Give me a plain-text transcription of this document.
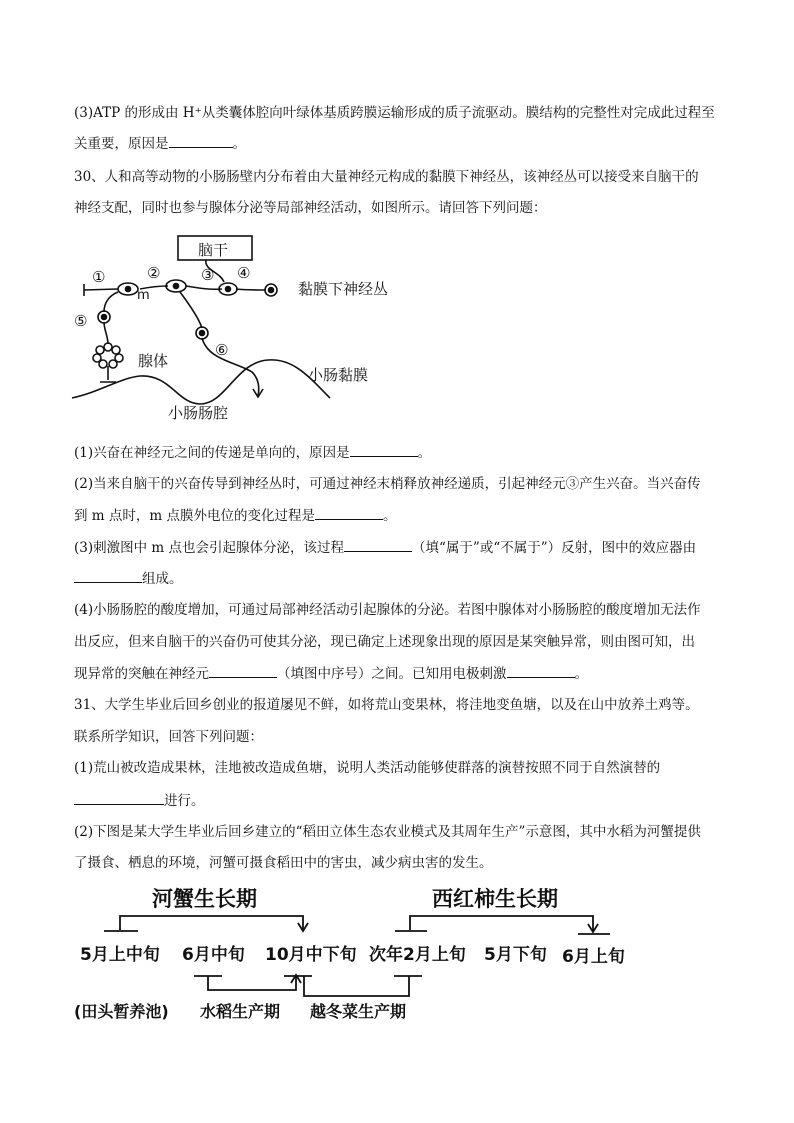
(3)ATP 的形成由 H⁺从类囊体腔向叶绿体基质跨膜运输形成的质子流驱动。膜结构的完整性对完成此过程至
关重要，原因是	。
30、人和高等动物的小肠肠壁内分布着由大量神经元构成的黏膜下神经丛，该神经丛可以接受来自脑干的
神经支配，同时也参与腺体分泌等局部神经活动，如图所示。请回答下列问题：
脑干
黏膜下神经丛
腺体
小肠黏膜
小肠肠腔
m
①	②	③ ④
⑤
⑥
(1)兴奋在神经元之间的传递是单向的，原因是	。
(2)当来自脑干的兴奋传导到神经丛时，可通过神经末梢释放神经递质，引起神经元③产生兴奋。当兴奋传
到 m 点时，m 点膜外电位的变化过程是	。
(3)刺激图中 m 点也会引起腺体分泌，该过程	（填“属于”或“不属于”）反射，图中的效应器由
组成。
(4)小肠肠腔的酸度增加，可通过局部神经活动引起腺体的分泌。若图中腺体对小肠肠腔的酸度增加无法作
出反应，但来自脑干的兴奋仍可使其分泌，现已确定上述现象出现的原因是某突触异常，则由图可知，出
现异常的突触在神经元	（填图中序号）之间。已知用电极刺激	。
31、大学生毕业后回乡创业的报道屡见不鲜，如将荒山变果林，将洼地变鱼塘，以及在山中放养土鸡等。
联系所学知识，回答下列问题：
(1)荒山被改造成果林，洼地被改造成鱼塘，说明人类活动能够使群落的演替按照不同于自然演替的
进行。
(2)下图是某大学生毕业后回乡建立的“稻田立体生态农业模式及其周年生产”示意图，其中水稻为河蟹提供
了摄食、栖息的环境，河蟹可摄食稻田中的害虫，减少病虫害的发生。
河蟹生长期	西红柿生长期
5月上中旬 6月中旬 10月中下旬 次年2月上旬 5月下旬 6月上旬
(田头暂养池) 水稻生产期 越冬菜生产期
